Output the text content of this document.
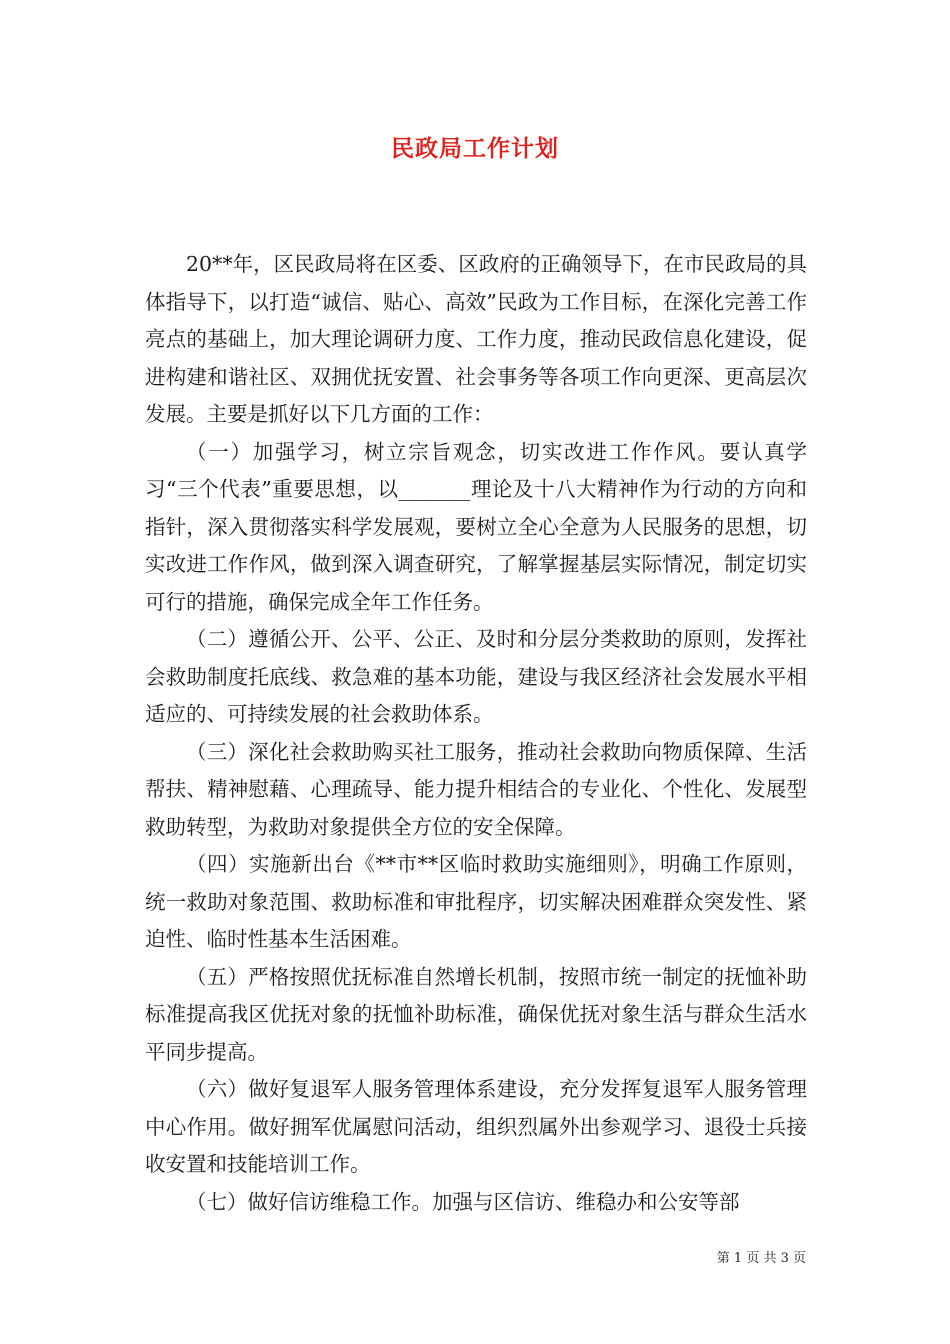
民政局工作计划

20**年，区民政局将在区委、区政府的正确领导下，在市民政局的具体指导下，以打造“诚信、贴心、高效”民政为工作目标，在深化完善工作亮点的基础上，加大理论调研力度、工作力度，推动民政信息化建设，促进构建和谐社区、双拥优抚安置、社会事务等各项工作向更深、更高层次发展。主要是抓好以下几方面的工作：

（一）加强学习，树立宗旨观念，切实改进工作作风。要认真学习“三个代表”重要思想，以_______理论及十八大精神作为行动的方向和指针，深入贯彻落实科学发展观，要树立全心全意为人民服务的思想，切实改进工作作风，做到深入调查研究，了解掌握基层实际情况，制定切实可行的措施，确保完成全年工作任务。

（二）遵循公开、公平、公正、及时和分层分类救助的原则，发挥社会救助制度托底线、救急难的基本功能，建设与我区经济社会发展水平相适应的、可持续发展的社会救助体系。

（三）深化社会救助购买社工服务，推动社会救助向物质保障、生活帮扶、精神慰藉、心理疏导、能力提升相结合的专业化、个性化、发展型救助转型，为救助对象提供全方位的安全保障。

（四）实施新出台《**市**区临时救助实施细则》，明确工作原则，统一救助对象范围、救助标准和审批程序，切实解决困难群众突发性、紧迫性、临时性基本生活困难。

（五）严格按照优抚标准自然增长机制，按照市统一制定的抚恤补助标准提高我区优抚对象的抚恤补助标准，确保优抚对象生活与群众生活水平同步提高。

（六）做好复退军人服务管理体系建设，充分发挥复退军人服务管理中心作用。做好拥军优属慰问活动，组织烈属外出参观学习、退役士兵接收安置和技能培训工作。

（七）做好信访维稳工作。加强与区信访、维稳办和公安等部

第 1 页 共 3 页
